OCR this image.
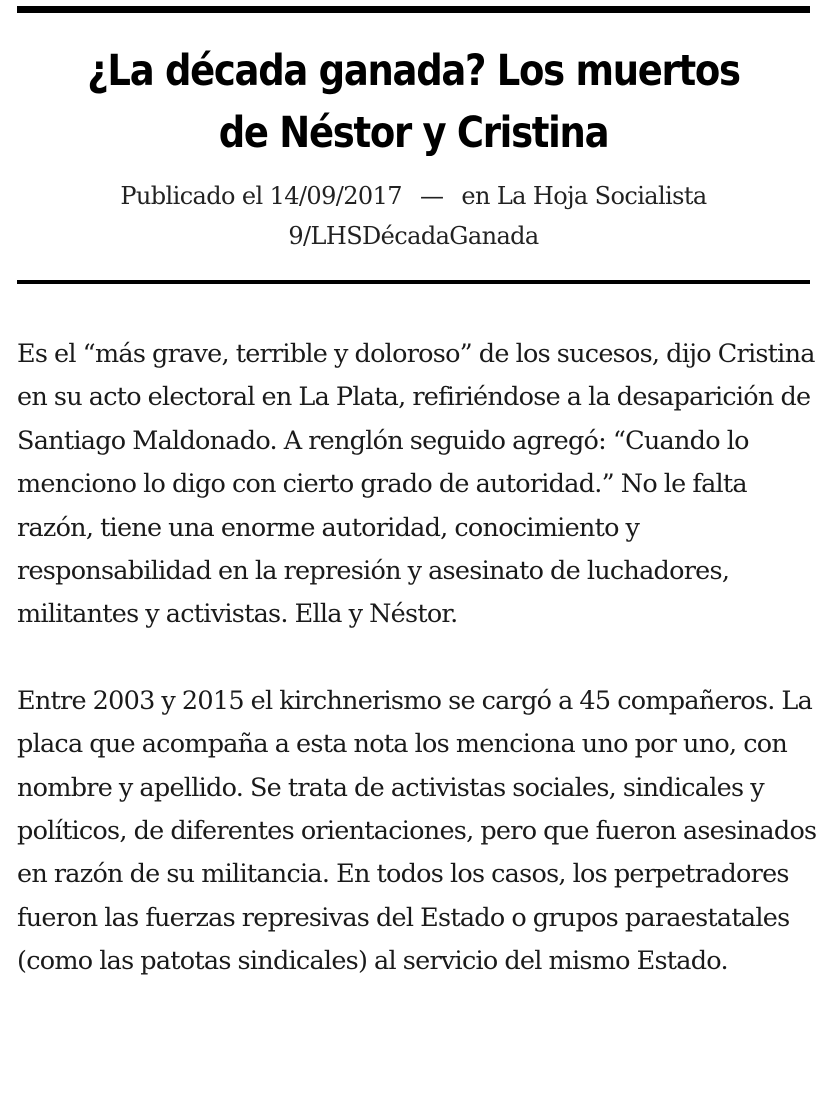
¿La década ganada? Los muertos de Néstor y Cristina
Publicado el 14/09/2017 — en La Hoja Socialista 9/LHSDécadaGanada

Es el “más grave, terrible y doloroso” de los sucesos, dijo Cristina en su acto electoral en La Plata, refiriéndose a la desaparición de Santiago Maldonado. A renglón seguido agregó: “Cuando lo menciono lo digo con cierto grado de autoridad.” No le falta razón, tiene una enorme autoridad, conocimiento y responsabilidad en la represión y asesinato de luchadores, militantes y activistas. Ella y Néstor.

Entre 2003 y 2015 el kirchnerismo se cargó a 45 compañeros. La placa que acompaña a esta nota los menciona uno por uno, con nombre y apellido. Se trata de activistas sociales, sindicales y políticos, de diferentes orientaciones, pero que fueron asesinados en razón de su militancia. En todos los casos, los perpetradores fueron las fuerzas represivas del Estado o grupos paraestatales (como las patotas sindicales) al servicio del mismo Estado.
